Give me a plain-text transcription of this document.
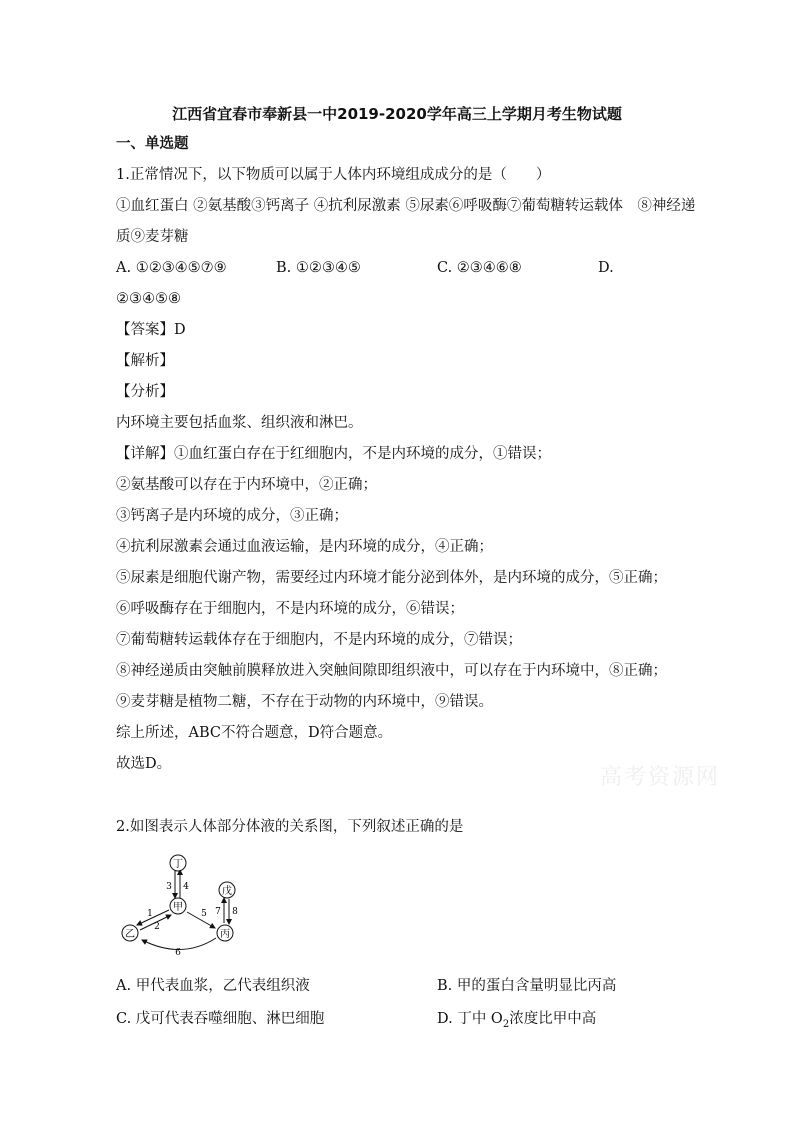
江西省宜春市奉新县一中2019-2020学年高三上学期月考生物试题
一、单选题
1.正常情况下，以下物质可以属于人体内环境组成成分的是（　　）
①血红蛋白 ②氨基酸③钙离子 ④抗利尿激素 ⑤尿素⑥呼吸酶⑦葡萄糖转运载体　⑧神经递
质⑨麦芽糖
A. ①②③④⑤⑦⑨	B. ①②③④⑤	C. ②③④⑥⑧	D.
②③④⑤⑧
【答案】D
【解析】
【分析】
内环境主要包括血浆、组织液和淋巴。
【详解】①血红蛋白存在于红细胞内，不是内环境的成分，①错误；
②氨基酸可以存在于内环境中，②正确；
③钙离子是内环境的成分，③正确；
④抗利尿激素会通过血液运输，是内环境的成分，④正确；
⑤尿素是细胞代谢产物，需要经过内环境才能分泌到体外，是内环境的成分，⑤正确；
⑥呼吸酶存在于细胞内，不是内环境的成分，⑥错误；
⑦葡萄糖转运载体存在于细胞内，不是内环境的成分，⑦错误；
⑧神经递质由突触前膜释放进入突触间隙即组织液中，可以存在于内环境中，⑧正确；
⑨麦芽糖是植物二糖，不存在于动物的内环境中，⑨错误。
综上所述，ABC不符合题意，D符合题意。
故选D。
高考资源网
2.如图表示人体部分体液的关系图，下列叙述正确的是
丁
甲
乙	丙
戊
3 4
1
2
5
6
7 8
A. 甲代表血浆，乙代表组织液	B. 甲的蛋白含量明显比丙高
C. 戊可代表吞噬细胞、淋巴细胞	D. 丁中 $O_2$浓度比甲中高
